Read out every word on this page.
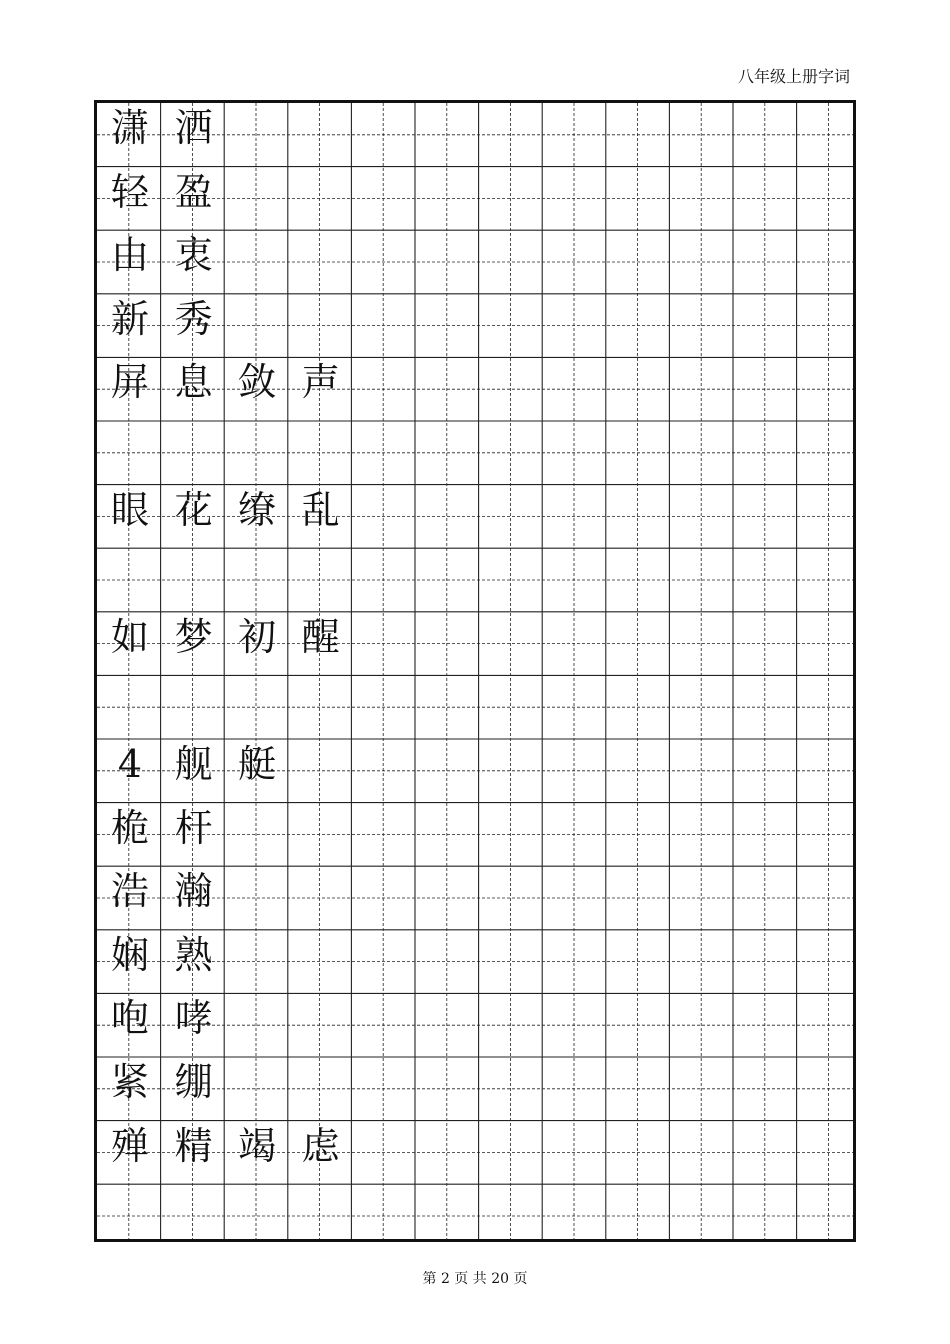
八年级上册字词
潇 洒
轻 盈
由 衷
新 秀
屏 息 敛 声
眼 花 缭 乱
如 梦 初 醒
4 舰 艇
桅 杆
浩 瀚
娴 熟
咆 哮
紧 绷
殚 精 竭 虑
第 2 页 共 20 页
